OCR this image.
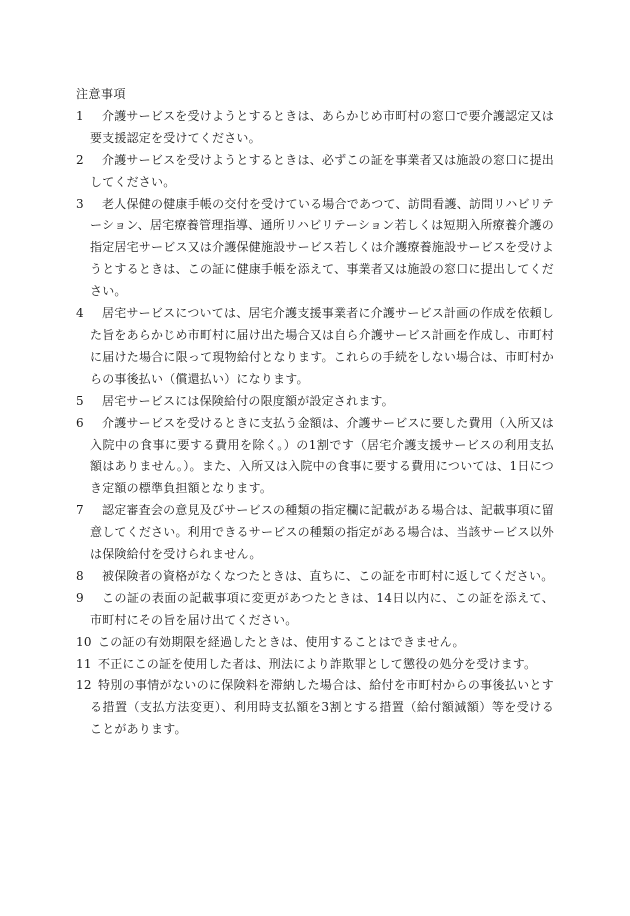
注意事項
1	介護サービスを受けようとするときは、あらかじめ市町村の窓口で要介護認定又は要支援認定を受けてください。
2	介護サービスを受けようとするときは、必ずこの証を事業者又は施設の窓口に提出してください。
3	老人保健の健康手帳の交付を受けている場合であつて、訪問看護、訪問リハビリテーション、居宅療養管理指導、通所リハビリテーション若しくは短期入所療養介護の指定居宅サービス又は介護保健施設サービス若しくは介護療養施設サービスを受けようとするときは、この証に健康手帳を添えて、事業者又は施設の窓口に提出してください。
4	居宅サービスについては、居宅介護支援事業者に介護サービス計画の作成を依頼した旨をあらかじめ市町村に届け出た場合又は自ら介護サービス計画を作成し、市町村に届けた場合に限って現物給付となります。これらの手続をしない場合は、市町村からの事後払い（償還払い）になります。
5	居宅サービスには保険給付の限度額が設定されます。
6	介護サービスを受けるときに支払う金額は、介護サービスに要した費用（入所又は入院中の食事に要する費用を除く。）の1割です（居宅介護支援サービスの利用支払額はありません。）。また、入所又は入院中の食事に要する費用については、1日につき定額の標準負担額となります。
7	認定審査会の意見及びサービスの種類の指定欄に記載がある場合は、記載事項に留意してください。利用できるサービスの種類の指定がある場合は、当該サービス以外は保険給付を受けられません。
8	被保険者の資格がなくなつたときは、直ちに、この証を市町村に返してください。
9	この証の表面の記載事項に変更があつたときは、14日以内に、この証を添えて、市町村にその旨を届け出てください。
10 この証の有効期限を経過したときは、使用することはできません。
11 不正にこの証を使用した者は、刑法により詐欺罪として懲役の処分を受けます。
12 特別の事情がないのに保険料を滞納した場合は、給付を市町村からの事後払いとする措置（支払方法変更）、利用時支払額を3割とする措置（給付額減額）等を受けることがあります。
